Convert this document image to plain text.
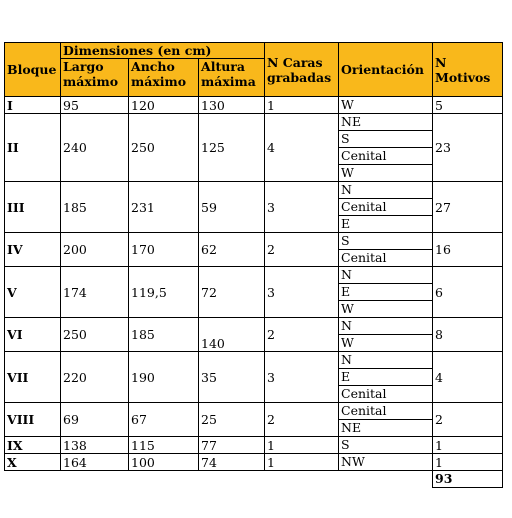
Bloque	Dimensiones (en cm)			N Caras grabadas	Orientación	N Motivos
	Largo máximo	Ancho máximo	Altura máxima			
I	95	120	130	1	W	5
II	240	250	125	4	NE	23
					S	
					Cenital	
					W	
III	185	231	59	3	N	27
					Cenital	
					E	
IV	200	170	62	2	S	16
					Cenital	
V	174	119,5	72	3	N	6
					E	
					W	
VI	250	185	140	2	N	8
					W	
VII	220	190	35	3	N	4
					E	
					Cenital	
VIII	69	67	25	2	Cenital	2
					NE	
IX	138	115	77	1	S	1
X	164	100	74	1	NW	1
						93
